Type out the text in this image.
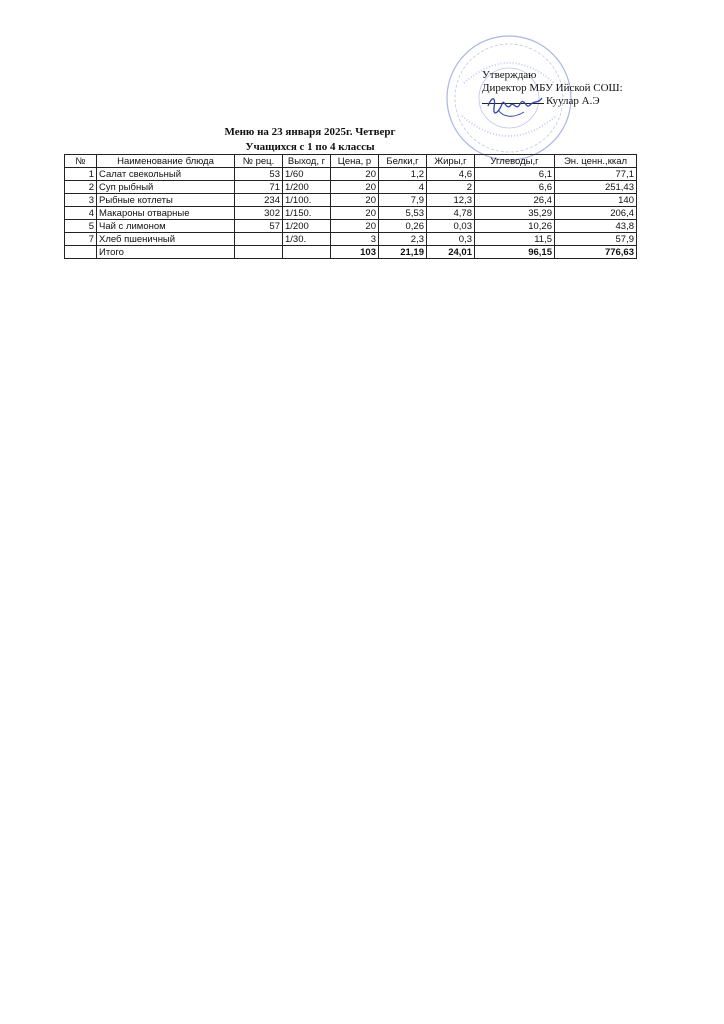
Утверждаю
Директор МБУ Ийской СОШ:
Куулар А.Э
Меню на 23 января 2025г. Четверг
Учащихся с 1 по 4 классы
№	Наименование блюда	№ рец.	Выход, г	Цена, р	Белки,г	Жиры,г	Углеводы,г	Эн. ценн.,ккал
1	Салат свекольный	53	1/60	20	1,2	4,6	6,1	77,1
2	Суп рыбный	71	1/200	20	4	2	6,6	251,43
3	Рыбные котлеты	234	1/100.	20	7,9	12,3	26,4	140
4	Макароны отварные	302	1/150.	20	5,53	4,78	35,29	206,4
5	Чай с лимоном	57	1/200	20	0,26	0,03	10,26	43,8
7	Хлеб пшеничный		1/30.	3	2,3	0,3	11,5	57,9
	Итого			103	21,19	24,01	96,15	776,63
